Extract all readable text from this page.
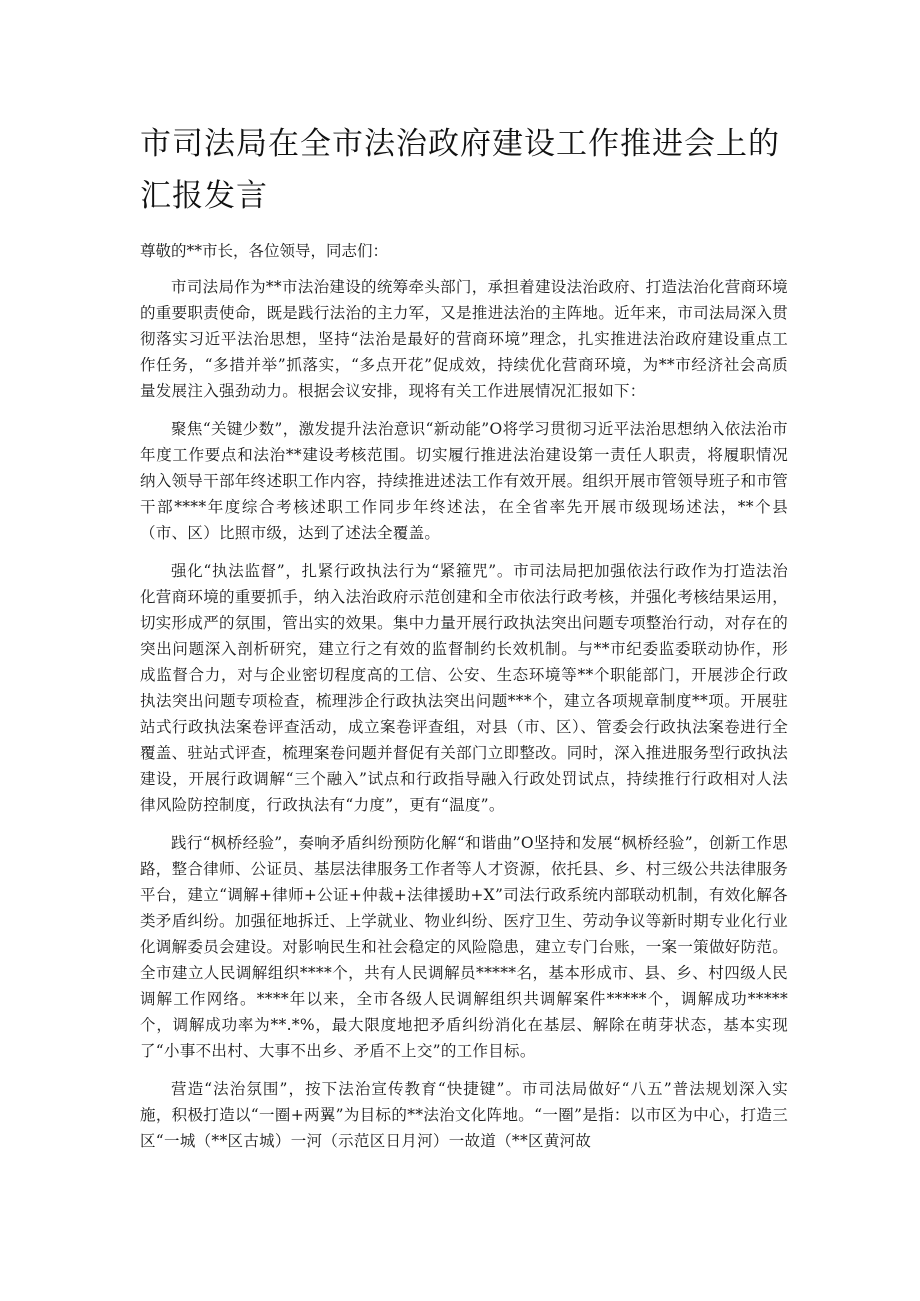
市司法局在全市法治政府建设工作推进会上的汇报发言

尊敬的**市长，各位领导，同志们：

市司法局作为**市法治建设的统筹牵头部门，承担着建设法治政府、打造法治化营商环境的重要职责使命，既是践行法治的主力军，又是推进法治的主阵地。近年来，市司法局深入贯彻落实习近平法治思想，坚持“法治是最好的营商环境”理念，扎实推进法治政府建设重点工作任务，“多措并举”抓落实，“多点开花”促成效，持续优化营商环境，为**市经济社会高质量发展注入强劲动力。根据会议安排，现将有关工作进展情况汇报如下：

聚焦“关键少数”，激发提升法治意识“新动能”O将学习贯彻习近平法治思想纳入依法治市年度工作要点和法治**建设考核范围。切实履行推进法治建设第一责任人职责，将履职情况纳入领导干部年终述职工作内容，持续推进述法工作有效开展。组织开展市管领导班子和市管干部****年度综合考核述职工作同步年终述法，在全省率先开展市级现场述法，**个县（市、区）比照市级，达到了述法全覆盖。

强化“执法监督”，扎紧行政执法行为“紧箍咒”。市司法局把加强依法行政作为打造法治化营商环境的重要抓手，纳入法治政府示范创建和全市依法行政考核，并强化考核结果运用，切实形成严的氛围，管出实的效果。集中力量开展行政执法突出问题专项整治行动，对存在的突出问题深入剖析研究，建立行之有效的监督制约长效机制。与**市纪委监委联动协作，形成监督合力，对与企业密切程度高的工信、公安、生态环境等**个职能部门，开展涉企行政执法突出问题专项检查，梳理涉企行政执法突出问题***个，建立各项规章制度**项。开展驻站式行政执法案卷评查活动，成立案卷评查组，对县（市、区）、管委会行政执法案卷进行全覆盖、驻站式评查，梳理案卷问题并督促有关部门立即整改。同时，深入推进服务型行政执法建设，开展行政调解“三个融入”试点和行政指导融入行政处罚试点，持续推行行政相对人法律风险防控制度，行政执法有“力度”，更有“温度”。

践行“枫桥经验”，奏响矛盾纠纷预防化解“和谐曲”O坚持和发展“枫桥经验”，创新工作思路，整合律师、公证员、基层法律服务工作者等人才资源，依托县、乡、村三级公共法律服务平台，建立“调解+律师+公证+仲裁+法律援助+X”司法行政系统内部联动机制，有效化解各类矛盾纠纷。加强征地拆迁、上学就业、物业纠纷、医疗卫生、劳动争议等新时期专业化行业化调解委员会建设。对影响民生和社会稳定的风险隐患，建立专门台账，一案一策做好防范。全市建立人民调解组织****个，共有人民调解员*****名，基本形成市、县、乡、村四级人民调解工作网络。****年以来，全市各级人民调解组织共调解案件*****个，调解成功*****个，调解成功率为**.*%，最大限度地把矛盾纠纷消化在基层、解除在萌芽状态，基本实现了“小事不出村、大事不出乡、矛盾不上交”的工作目标。

营造“法治氛围”，按下法治宣传教育“快捷键”。市司法局做好“八五”普法规划深入实施，积极打造以“一圈+两翼”为目标的**法治文化阵地。“一圈”是指：以市区为中心，打造三区“一城（**区古城）一河（示范区日月河）一故道（**区黄河故
